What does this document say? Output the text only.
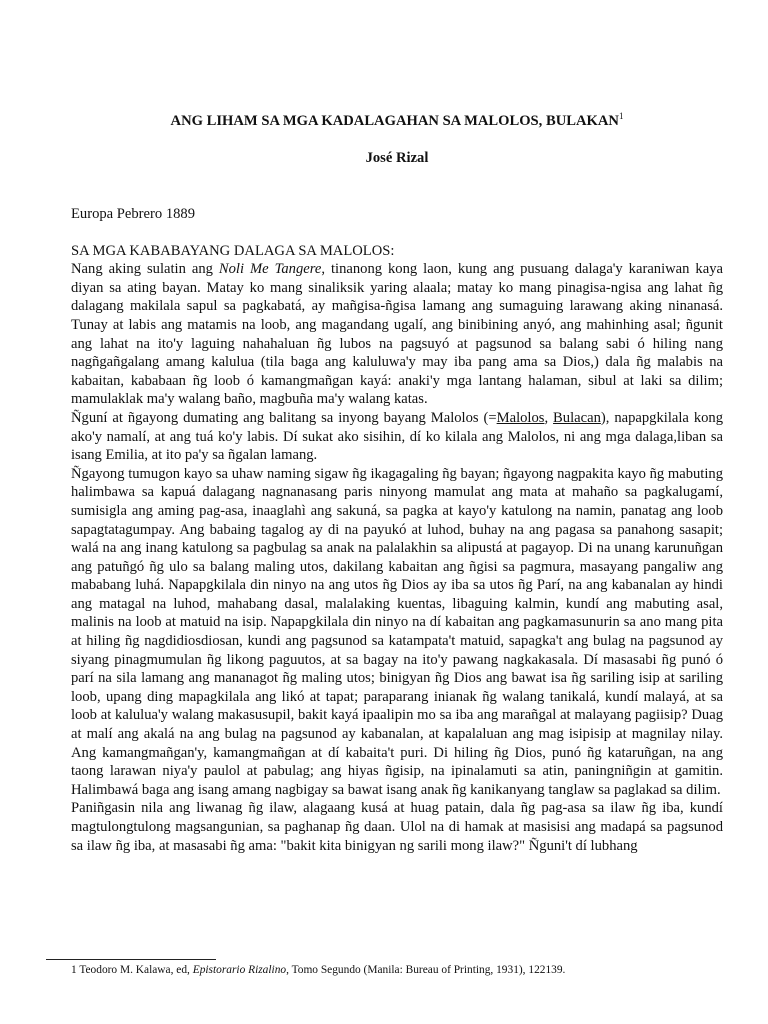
ANG LIHAM SA MGA KADALAGAHAN SA MALOLOS, BULAKAN$^1$
José Rizal
Europa Pebrero 1889
SA MGA KABABAYANG DALAGA SA MALOLOS:

Nang aking sulatin ang Noli Me Tangere, tinanong kong laon, kung ang pusuang dalaga'y karaniwan kaya diyan sa ating bayan. Matay ko mang sinaliksik yaring alaala; matay ko mang pinagisa-ngisa ang lahat ñg dalagang makilala sapul sa pagkabatá, ay mañgisa-ñgisa lamang ang sumaguing larawang aking ninanasá. Tunay at labis ang matamis na loob, ang magandang ugalí, ang binibining anyó, ang mahinhing asal; ñgunit ang lahat na ito'y laguing nahahaluan ñg lubos na pagsuyó at pagsunod sa balang sabi ó hiling nang nagñgañgalang amang kalulua (tila baga ang kaluluwa'y may iba pang ama sa Dios,) dala ñg malabis na kabaitan, kababaan ñg loob ó kamangmañgan kayá: anaki'y mga lantang halaman, sibul at laki sa dilim; mamulaklak ma'y walang baño, magbuña ma'y walang katas.

Ñguní at ñgayong dumating ang balitang sa inyong bayang Malolos (=Malolos, Bulacan), napapgkilala kong ako'y namalí, at ang tuá ko'y labis. Dí sukat ako sisihin, dí ko kilala ang Malolos, ni ang mga dalaga,liban sa isang Emilia, at ito pa'y sa ñgalan lamang.

Ñgayong tumugon kayo sa uhaw naming sigaw ñg ikagagaling ñg bayan; ñgayong nagpakita kayo ñg mabuting halimbawa sa kapuá dalagang nagnanasang paris ninyong mamulat ang mata at mahaño sa pagkalugamí, sumisigla ang aming pag-asa, inaaglahì ang sakuná, sa pagka at kayo'y katulong na namin, panatag ang loob sapagtatagumpay. Ang babaing tagalog ay di na payukó at luhod, buhay na ang pagasa sa panahong sasapit; walá na ang inang katulong sa pagbulag sa anak na palalakhin sa alipustá at pagayop. Di na unang karunuñgan ang patuñgó ñg ulo sa balang maling utos, dakilang kabaitan ang ñgisi sa pagmura, masayang pangaliw ang mababang luhá. Napapgkilala din ninyo na ang utos ñg Dios ay iba sa utos ñg Parí, na ang kabanalan ay hindi ang matagal na luhod, mahabang dasal, malalaking kuentas, libaguing kalmin, kundí ang mabuting asal, malinis na loob at matuid na isip. Napapgkilala din ninyo na dí kabaitan ang pagkamasunurin sa ano mang pita at hiling ñg nagdidiosdiosan, kundi ang pagsunod sa katampata't matuid, sapagka't ang bulag na pagsunod ay siyang pinagmumulan ñg likong paguutos, at sa bagay na ito'y pawang nagkakasala. Dí masasabi ñg punó ó parí na sila lamang ang mananagot ñg maling utos; binigyan ñg Dios ang bawat isa ñg sariling isip at sariling loob, upang ding mapagkilala ang likó at tapat; paraparang inianak ñg walang tanikalá, kundí malayá, at sa loob at kalulua'y walang makasusupil, bakit kayá ipaalipin mo sa iba ang marañgal at malayang pagiisip? Duag at malí ang akalá na ang bulag na pagsunod ay kabanalan, at kapalaluan ang mag isipisip at magnilay nilay. Ang kamangmañgan'y, kamangmañgan at dí kabaita't puri. Di hiling ñg Dios, punó ñg kataruñgan, na ang taong larawan niya'y paulol at pabulag; ang hiyas ñgisip, na ipinalamuti sa atin, paningniñgin at gamitin. Halimbawá baga ang isang amang nagbigay sa bawat isang anak ñg kanikanyang tanglaw sa paglakad sa dilim.

Paniñgasin nila ang liwanag ñg ilaw, alagaang kusá at huag patain, dala ñg pag-asa sa ilaw ñg iba, kundí magtulongtulong magsangunian, sa paghanap ñg daan. Ulol na di hamak at masisisi ang madapá sa pagsunod sa ilaw ñg iba, at masasabi ñg ama: "bakit kita binigyan ng sarili mong ilaw?" Ñguni't dí lubhang

1 Teodoro M. Kalawa, ed, Epistorario Rizalino, Tomo Segundo (Manila: Bureau of Printing, 1931), 122139.
